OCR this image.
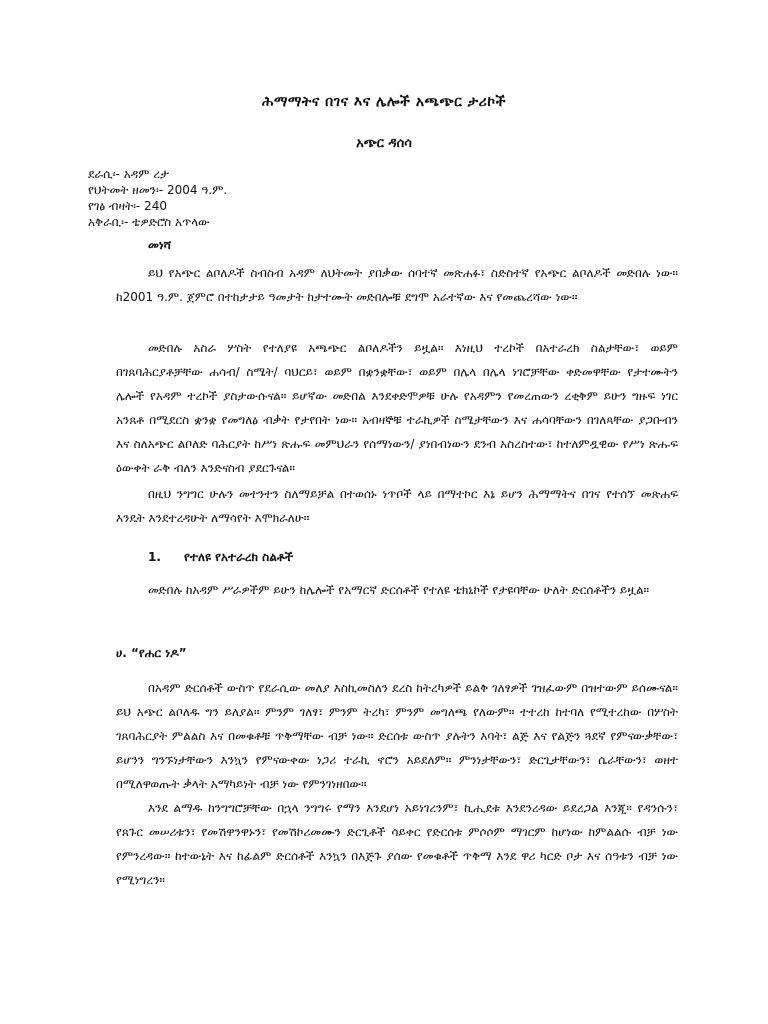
ሕማማትና በገና እና ሌሎች አጫጭር ታሪኮች
አጭር ዳሰሳ
ደራሲ፡- አዳም ረታ
የህትመት ዘመን፡- 2004 ዓ.ም.
የገፅ ብዛት፡- 240
አቅራቢ፡- ቴዎድሮስ አጥላው
መነሻ

ይህ የአጭር ልቦለዶች ስብስብ አዳም ለህትመት ያበቃው ሰባተኛ መጽሐፉ፣ ስድስተኛ የአጭር ልቦለዶች መድበሉ ነው። ከ2001 ዓ.ም. ጀምሮ በተከታታይ ዓመታት ከታተሙት መድበሎቹ ደግሞ አራተኛው እና የመጨረሻው ነው።

መድበሉ አስራ ሦስት የተለያዩ አጫጭር ልቦለዶችን ይዟል። እነዚህ ተረኮች በአተራረክ ስልታቸው፣ ወይም በገጸባሕርያቶቻቸው ሐሳብ/ ስሜት/ ባህርይ፣ ወይም በቋንቋቸው፣ ወይም በሌላ በሌላ ነገሮቻቸው ቀድመዋቸው የታተሙትን ሌሎች የአዳም ተረኮች ያስታውሱናል። ይሆኛው መድበል እንደቀድሞዎቹ ሁሉ የአዳምን የመረጠውን ረቂቅም ይሁን ግዙፍ ነገር አንጸቶ በሚደርስ ቋንቋ የመግለፅ ብቃት የታየበት ነው። አብዛኞቹ ተራኪዎች ስሜታቸውን እና ሐሳባቸውን በገለጻቸው ያጋቡብን እና ስለአጭር ልቦለድ ባሕርያት ከሥነ ጽሑፍ መምህራን የሰማነውን/ ያነበብነውን ደንብ አስረስተው፣ ከተለምዷዊው የሥነ ጽሑፍ ዕውቀት ራቅ ብለን እንድናስብ ያደርጉናል።

በዚህ ንግግር ሁሉን መተንተን ስለማይቻል በተወሰኑ ነጥቦች ላይ በማተኮር እኔ ይሆን ሕማማትና በገና የተሰኘ መጽሐፍ እንዴት እንደተረዳሁት ለማሳየት እሞክራለሁ።

1. የተለዩ የአተራረክ ስልቶች

መድበሉ ከአዳም ሥራዎችም ይሁን ከሌሎች የአማርኛ ድርሰቶች የተለዩ ቴክኒኮች የታዩባቸው ሁለት ድርሰቶችን ይዟል።

ሀ. “የሐር ነዶ”

በአዳም ድርሰቶች ውስጥ የደራሲው መለያ እስኪመስለን ደረስ ከትረካዎች ይልቅ ገለፃዎች ገዝፈውም በዝተውም ይሰሙናል። ይህ አጭር ልቦለዱ ግን ይለያል። ምንም ገለፃ፣ ምንም ትረካ፣ ምንም መግለጫ የለውም። ተተረከ ከተባለ የሚተረከው በሦስት ገጸባሕርያት ምልልስ እና በመቁቶቹ ጥቅማቸው ብቻ ነው። ድርሰቱ ውስጥ ያሉትን እባት፣ ልጅ እና የልጅን ጓደኛ የምናውቃቸው፣ ይሆንን ግንኙነታቸውን እንኳን የምናውቀው ነጋሪ ተራኪ ኖሮን አይደለም። ምንነታቸውን፣ ድርጊታቸውን፣ ሴራቸውን፣ ወዘተ በሚለዋወጡት ቃላት አማካይነት ብቻ ነው የምንገነዘበው።

እንደ ልማዱ ከንግግሮቻቸው በኋላ ንግግሩ የማን እንደሆነ አይነገረንም፣ ኪሒደቱ እንደንረዳው ይደረጋል እንጂ። የዳንሱን፣ የጸጉር መሠሪቱን፣ የመሽዋንዋኑን፣ የመሽኮሪመሙን ድርጊቶች ሳይቀር የድርሰቱ ምሶሶም ማገርም ከሆነው ከምልልሱ ብቻ ነው የምንረዳው። ከተውኔት እና ከፊልም ድርሰቶች እንኳን በእጅጉ ያሰው የመቁቶች ጥቅማ እንደ ዋሪ ካርድ ቦታ እና ሰዓቱን ብቻ ነው የሚነግረን።
